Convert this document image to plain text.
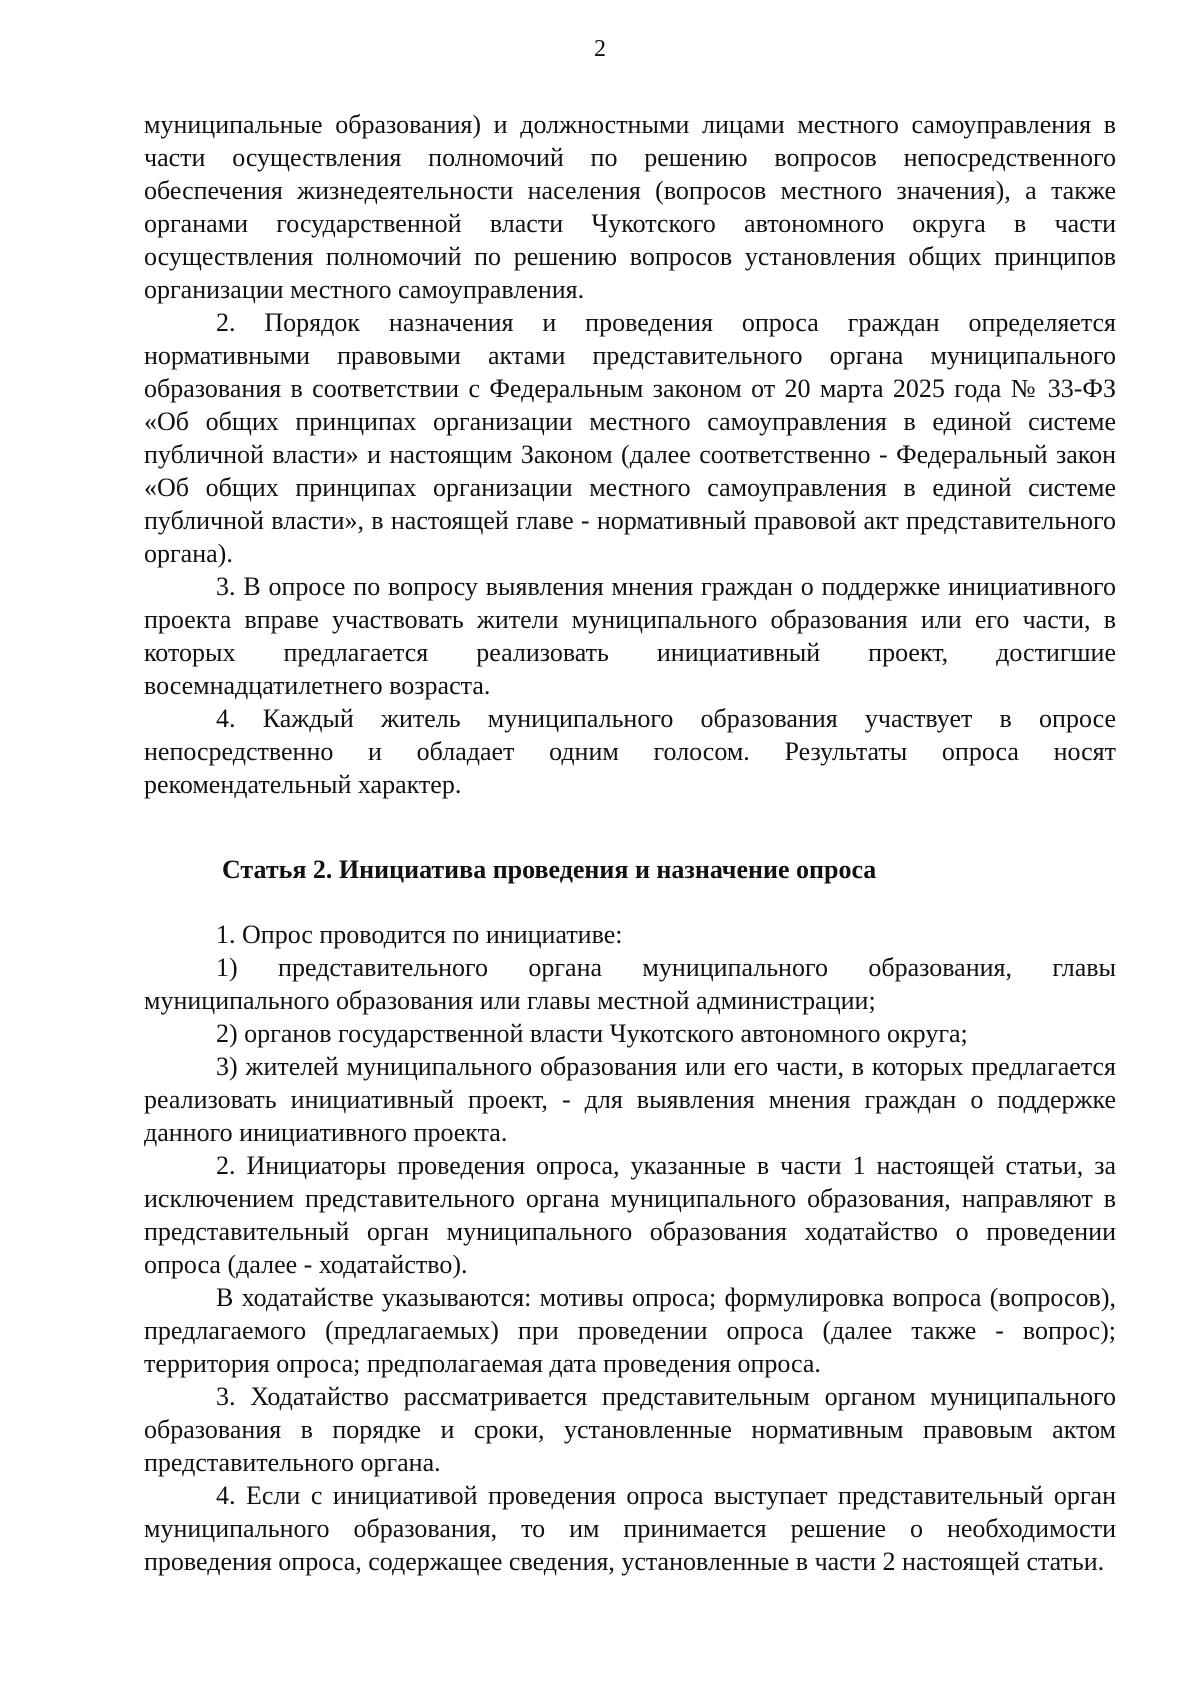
2

муниципальные образования) и должностными лицами местного самоуправления в части осуществления полномочий по решению вопросов непосредственного обеспечения жизнедеятельности населения (вопросов местного значения), а также органами государственной власти Чукотского автономного округа в части осуществления полномочий по решению вопросов установления общих принципов организации местного самоуправления.

2. Порядок назначения и проведения опроса граждан определяется нормативными правовыми актами представительного органа муниципального образования в соответствии с Федеральным законом от 20 марта 2025 года № 33-ФЗ «Об общих принципах организации местного самоуправления в единой системе публичной власти» и настоящим Законом (далее соответственно - Федеральный закон «Об общих принципах организации местного самоуправления в единой системе публичной власти», в настоящей главе - нормативный правовой акт представительного органа).

3. В опросе по вопросу выявления мнения граждан о поддержке инициативного проекта вправе участвовать жители муниципального образования или его части, в которых предлагается реализовать инициативный проект, достигшие восемнадцатилетнего возраста.

4. Каждый житель муниципального образования участвует в опросе непосредственно и обладает одним голосом. Результаты опроса носят рекомендательный характер.

Статья 2. Инициатива проведения и назначение опроса

1. Опрос проводится по инициативе:

1) представительного органа муниципального образования, главы муниципального образования или главы местной администрации;

2) органов государственной власти Чукотского автономного округа;

3) жителей муниципального образования или его части, в которых предлагается реализовать инициативный проект, - для выявления мнения граждан о поддержке данного инициативного проекта.

2. Инициаторы проведения опроса, указанные в части 1 настоящей статьи, за исключением представительного органа муниципального образования, направляют в представительный орган муниципального образования ходатайство о проведении опроса (далее - ходатайство).

В ходатайстве указываются: мотивы опроса; формулировка вопроса (вопросов), предлагаемого (предлагаемых) при проведении опроса (далее также - вопрос); территория опроса; предполагаемая дата проведения опроса.

3. Ходатайство рассматривается представительным органом муниципального образования в порядке и сроки, установленные нормативным правовым актом представительного органа.

4. Если с инициативой проведения опроса выступает представительный орган муниципального образования, то им принимается решение о необходимости проведения опроса, содержащее сведения, установленные в части 2 настоящей статьи.
